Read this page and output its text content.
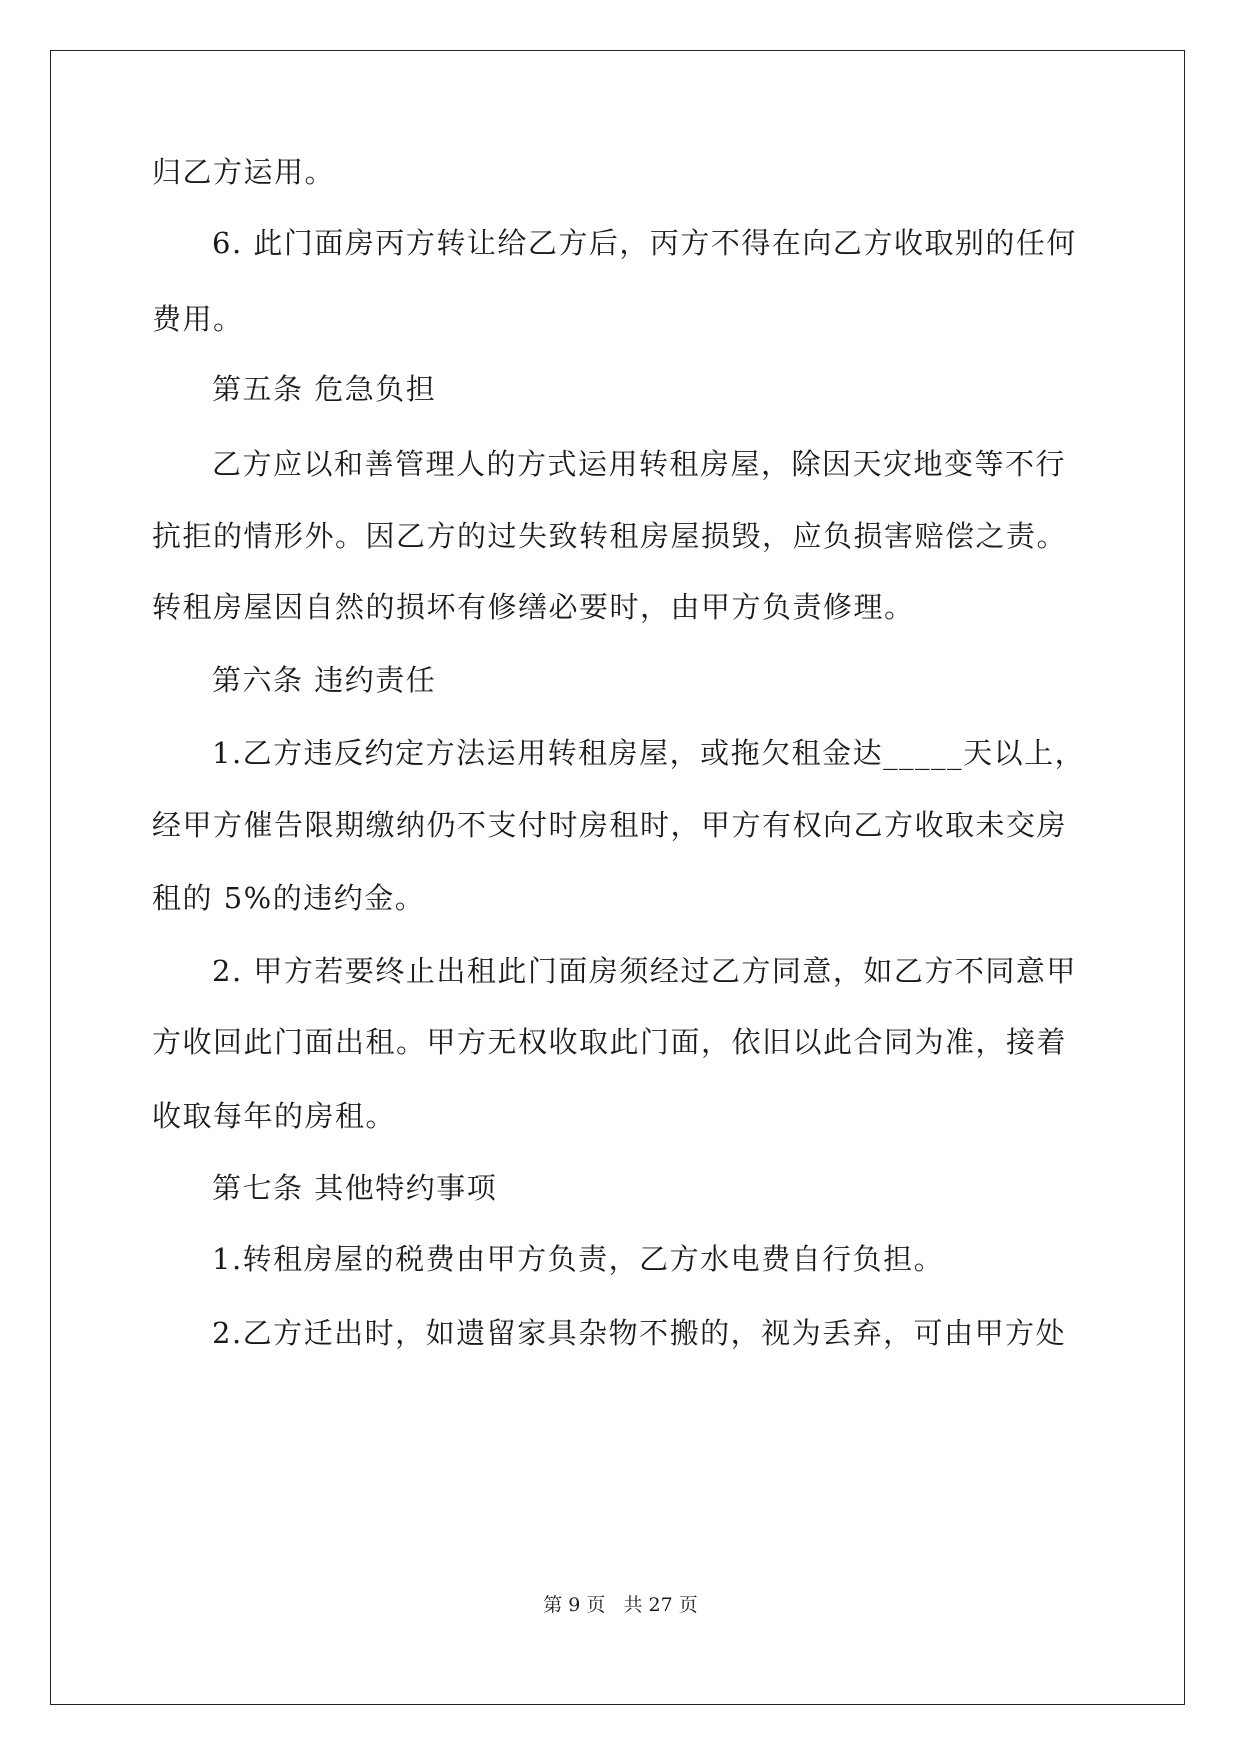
归乙方运用。
6. 此门面房丙方转让给乙方后，丙方不得在向乙方收取别的任何
费用。
第五条 危急负担
乙方应以和善管理人的方式运用转租房屋，除因天灾地变等不行
抗拒的情形外。因乙方的过失致转租房屋损毁，应负损害赔偿之责。
转租房屋因自然的损坏有修缮必要时，由甲方负责修理。
第六条 违约责任
1.乙方违反约定方法运用转租房屋，或拖欠租金达_____天以上，
经甲方催告限期缴纳仍不支付时房租时，甲方有权向乙方收取未交房
租的 5%的违约金。
2. 甲方若要终止出租此门面房须经过乙方同意，如乙方不同意甲
方收回此门面出租。甲方无权收取此门面，依旧以此合同为准，接着
收取每年的房租。
第七条 其他特约事项
1.转租房屋的税费由甲方负责，乙方水电费自行负担。
2.乙方迁出时，如遗留家具杂物不搬的，视为丢弃，可由甲方处
第 9 页   共 27 页
